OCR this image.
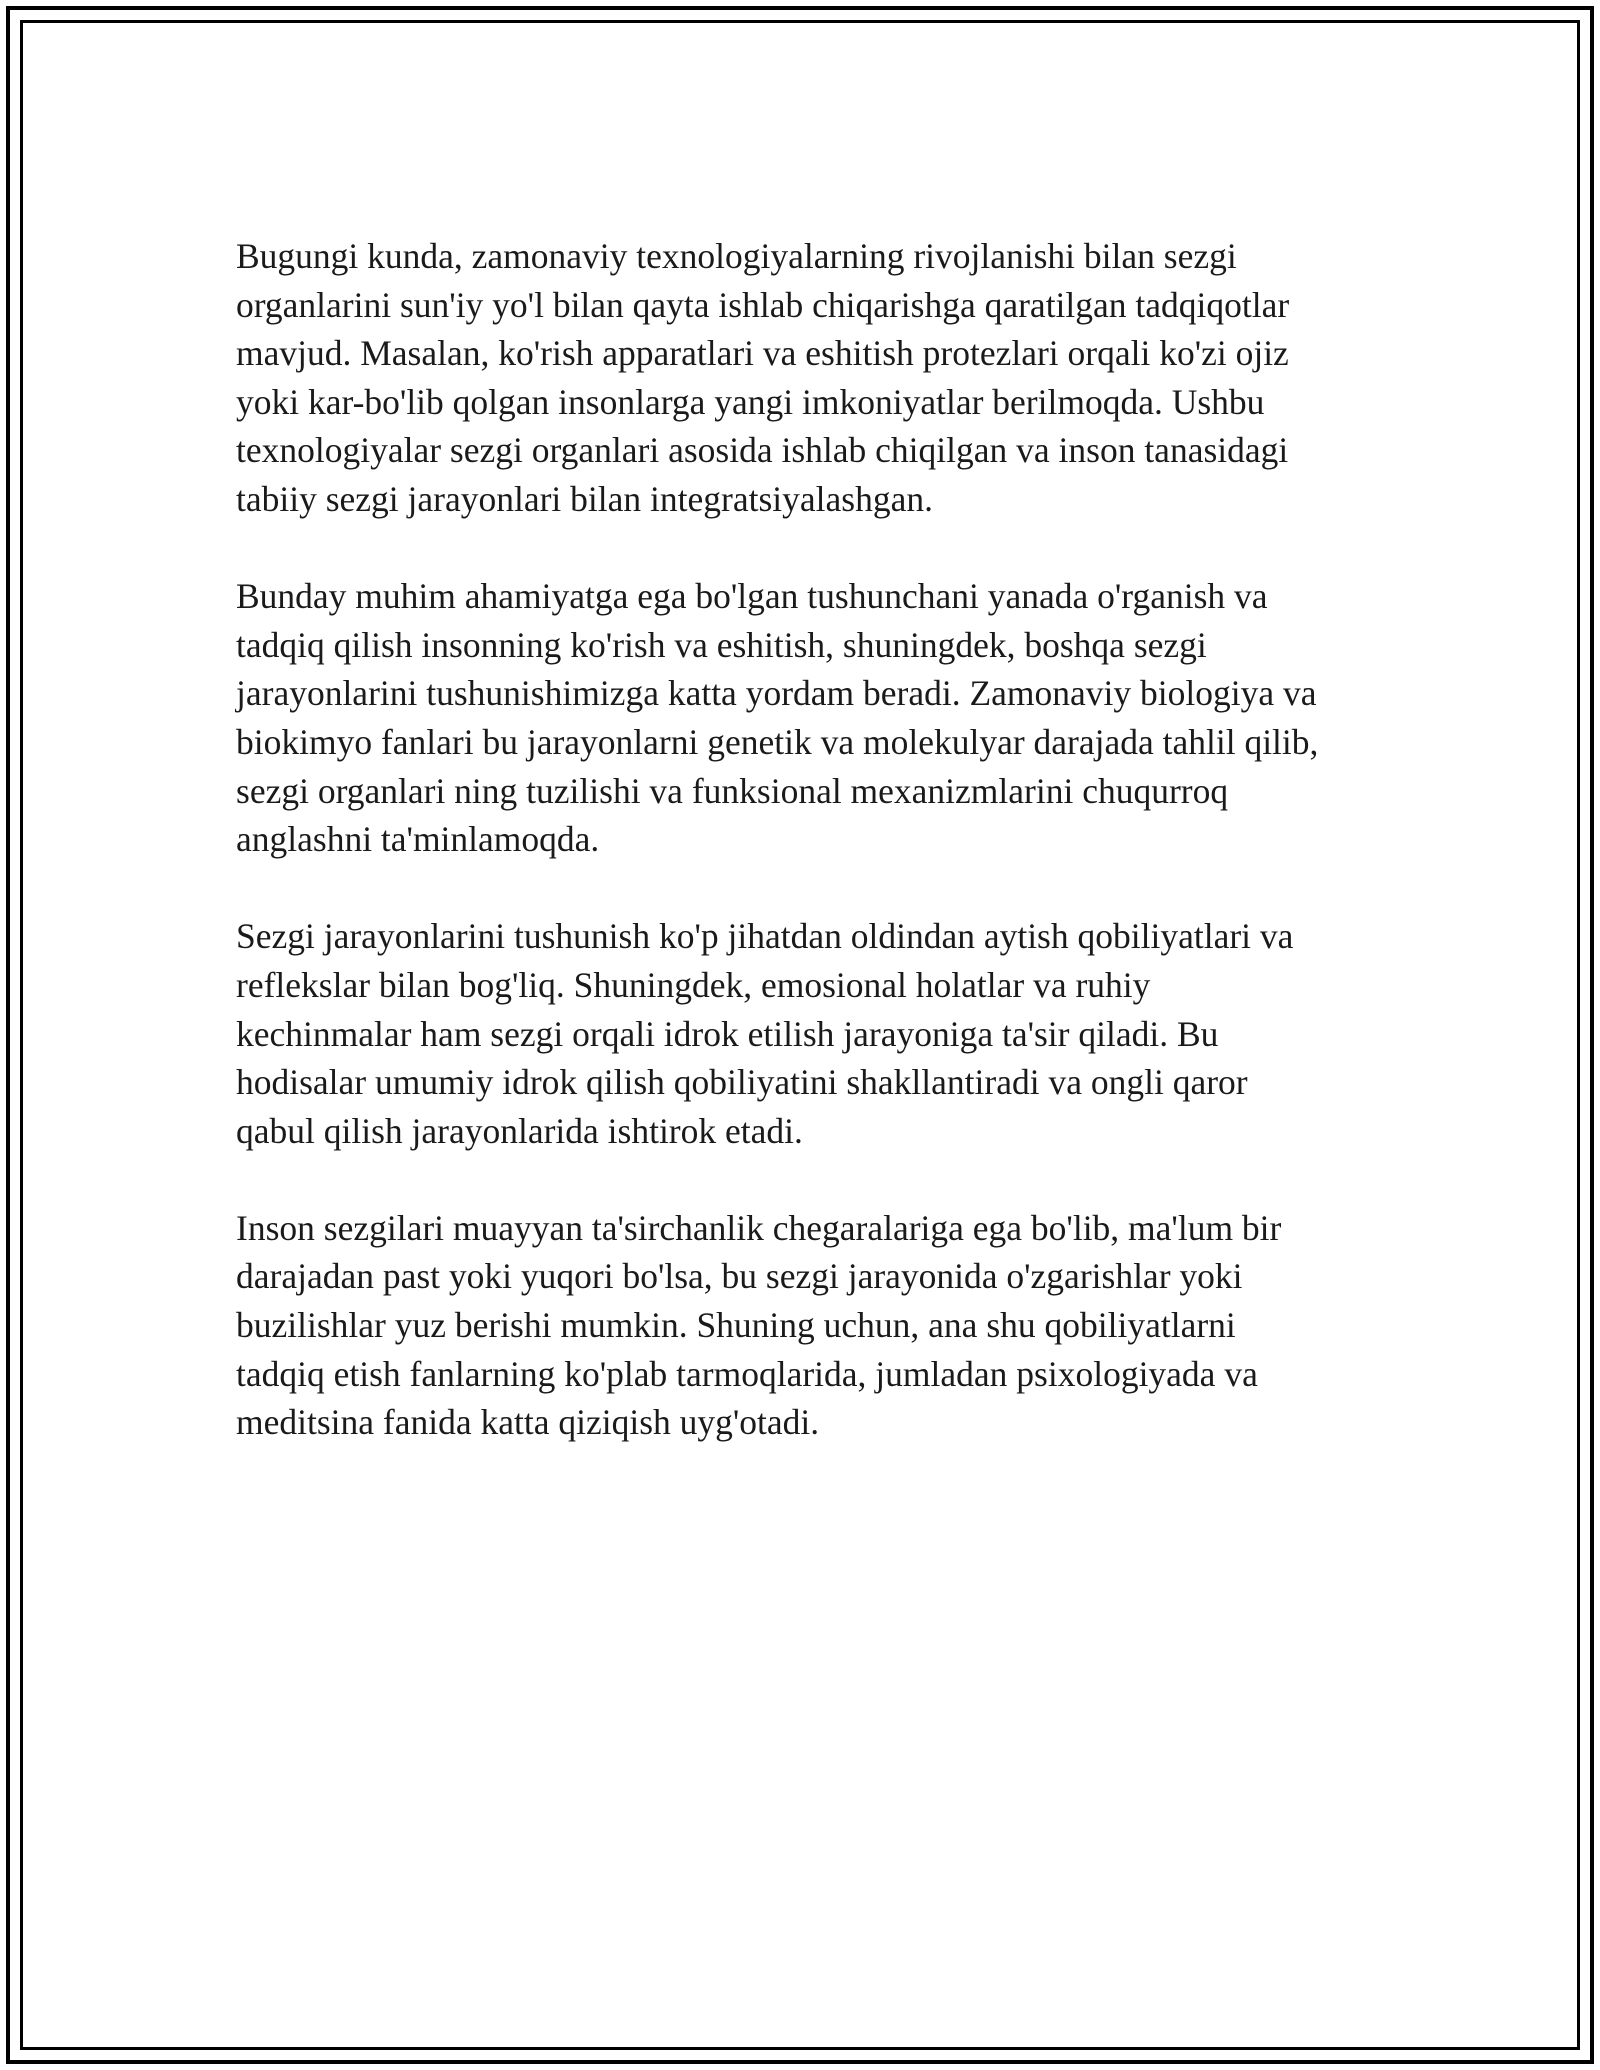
Bugungi kunda, zamonaviy texnologiyalarning rivojlanishi bilan sezgi
organlarini sun'iy yo'l bilan qayta ishlab chiqarishga qaratilgan tadqiqotlar
mavjud. Masalan, ko'rish apparatlari va eshitish protezlari orqali ko'zi ojiz
yoki kar-bo'lib qolgan insonlarga yangi imkoniyatlar berilmoqda. Ushbu
texnologiyalar sezgi organlari asosida ishlab chiqilgan va inson tanasidagi
tabiiy sezgi jarayonlari bilan integratsiyalashgan.

Bunday muhim ahamiyatga ega bo'lgan tushunchani yanada o'rganish va
tadqiq qilish insonning ko'rish va eshitish, shuningdek, boshqa sezgi
jarayonlarini tushunishimizga katta yordam beradi. Zamonaviy biologiya va
biokimyo fanlari bu jarayonlarni genetik va molekulyar darajada tahlil qilib,
sezgi organlari ning tuzilishi va funksional mexanizmlarini chuqurroq
anglashni ta'minlamoqda.

Sezgi jarayonlarini tushunish ko'p jihatdan oldindan aytish qobiliyatlari va
reflekslar bilan bog'liq. Shuningdek, emosional holatlar va ruhiy
kechinmalar ham sezgi orqali idrok etilish jarayoniga ta'sir qiladi. Bu
hodisalar umumiy idrok qilish qobiliyatini shakllantiradi va ongli qaror
qabul qilish jarayonlarida ishtirok etadi.

Inson sezgilari muayyan ta'sirchanlik chegaralariga ega bo'lib, ma'lum bir
darajadan past yoki yuqori bo'lsa, bu sezgi jarayonida o'zgarishlar yoki
buzilishlar yuz berishi mumkin. Shuning uchun, ana shu qobiliyatlarni
tadqiq etish fanlarning ko'plab tarmoqlarida, jumladan psixologiyada va
meditsina fanida katta qiziqish uyg'otadi.
